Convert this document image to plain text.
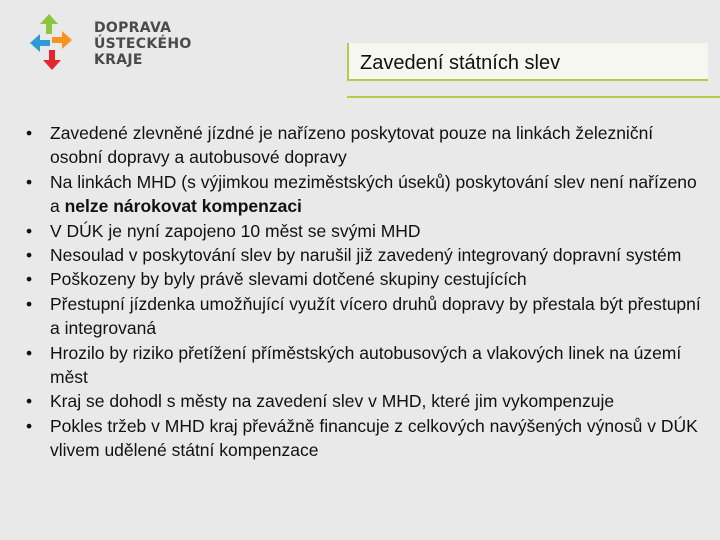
DOPRAVA
ÚSTECKÉHO
KRAJE	Zavedení státních slev
• Zavedené zlevněné jízdné je nařízeno poskytovat pouze na linkách železniční osobní dopravy a autobusové dopravy
• Na linkách MHD (s výjimkou meziměstských úseků) poskytování slev není nařízeno a nelze nárokovat kompenzaci
• V DÚK je nyní zapojeno 10 měst se svými MHD
• Nesoulad v poskytování slev by narušil již zavedený integrovaný dopravní systém
• Poškozeny by byly právě slevami dotčené skupiny cestujících
• Přestupní jízdenka umožňující využít vícero druhů dopravy by přestala být přestupní a integrovaná
• Hrozilo by riziko přetížení příměstských autobusových a vlakových linek na území měst
• Kraj se dohodl s městy na zavedení slev v MHD, které jim vykompenzuje
• Pokles tržeb v MHD kraj převážně financuje z celkových navýšených výnosů v DÚK vlivem udělené státní kompenzace
